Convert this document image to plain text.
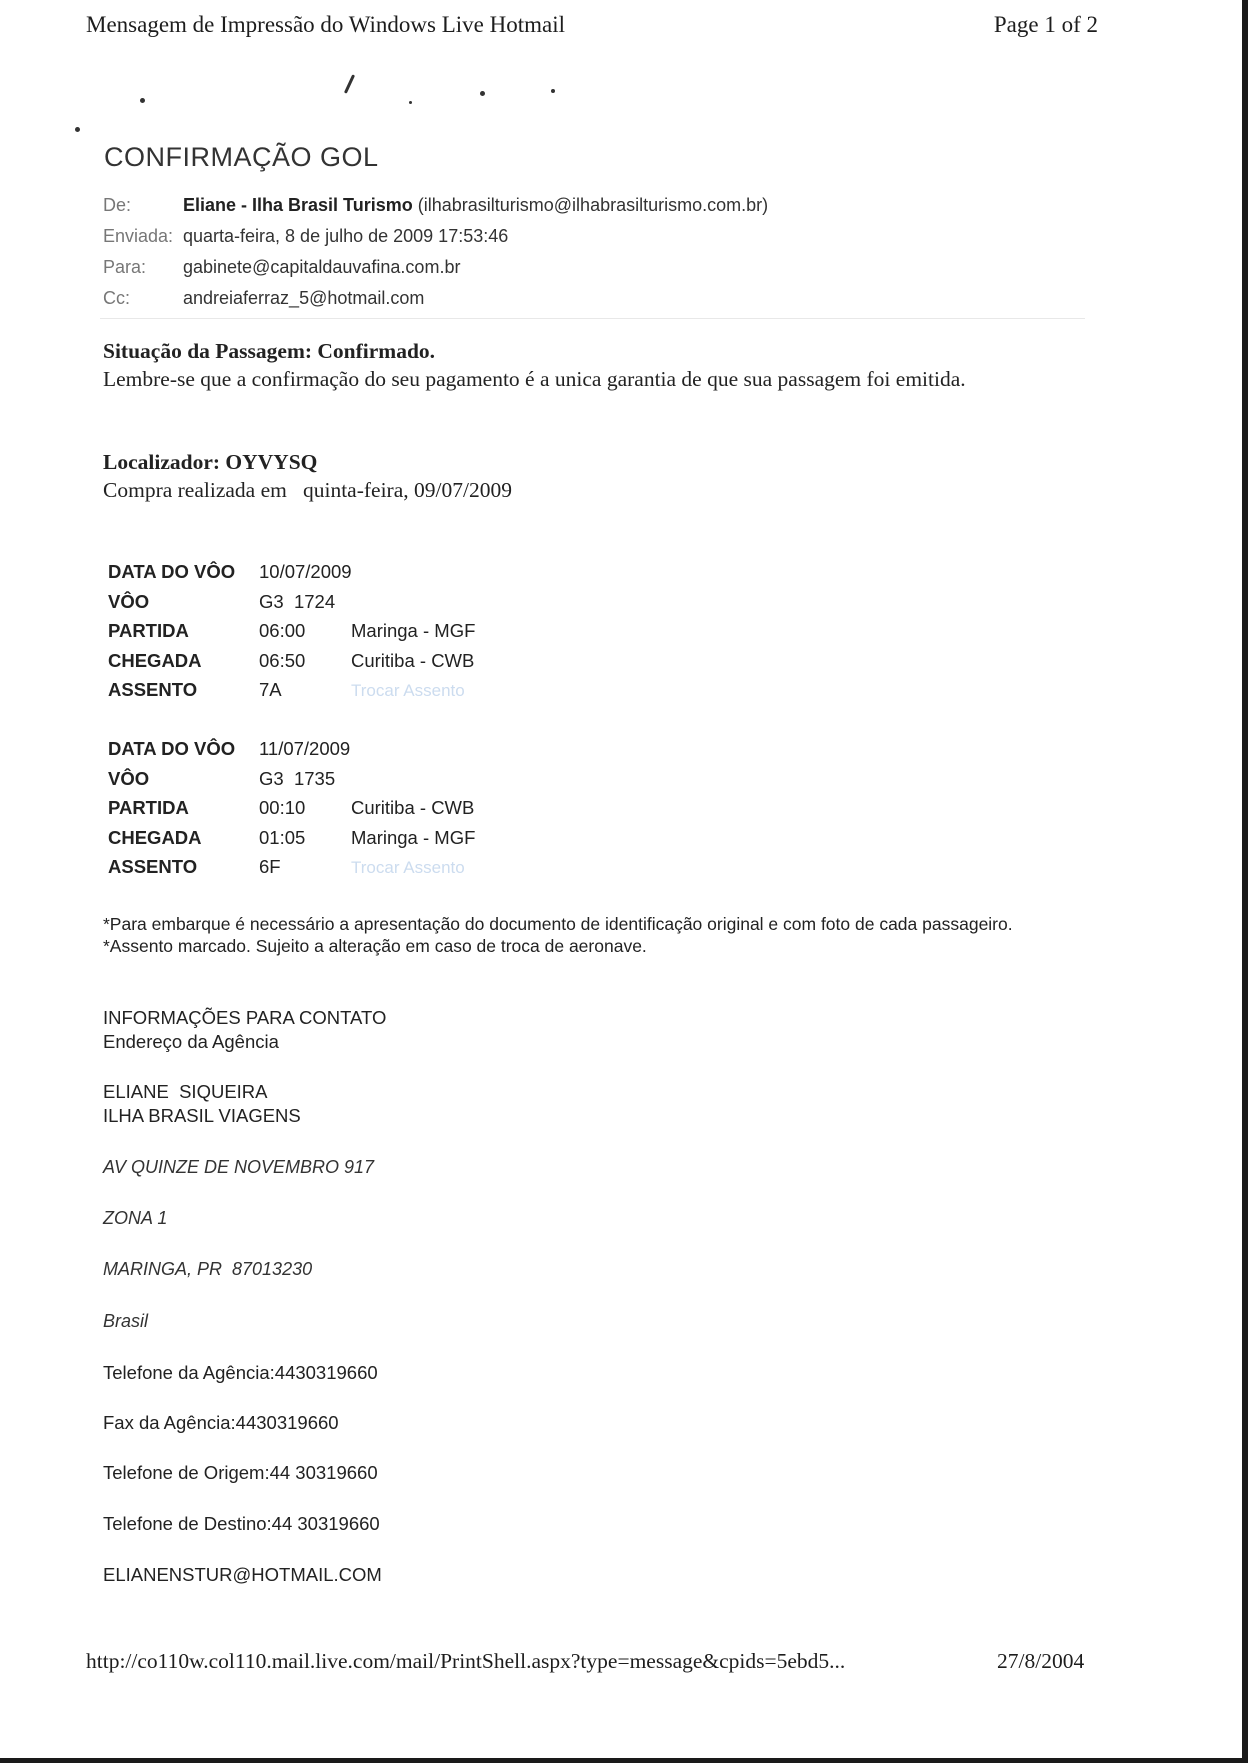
Mensagem de Impressão do Windows Live Hotmail	Page 1 of 2
CONFIRMAÇÃO GOL
De:	Eliane - Ilha Brasil Turismo (ilhabrasilturismo@ilhabrasilturismo.com.br)
Enviada: quarta-feira, 8 de julho de 2009 17:53:46
Para: gabinete@capitaldauvafina.com.br
Cc:	andreiaferraz_5@hotmail.com
Situação da Passagem: Confirmado.
Lembre-se que a confirmação do seu pagamento é a unica garantia de que sua passagem foi emitida.
Localizador: OYVYSQ
Compra realizada em   quinta-feira, 09/07/2009
DATA DO VÔO 10/07/2009
VÔO	G3  1724
PARTIDA	06:00 Maringa - MGF
CHEGADA	06:50 Curitiba - CWB
ASSENTO	7A	Trocar Assento
DATA DO VÔO 11/07/2009
VÔO	G3  1735
PARTIDA	00:10 Curitiba - CWB
CHEGADA	01:05 Maringa - MGF
ASSENTO	6F	Trocar Assento
*Para embarque é necessário a apresentação do documento de identificação original e com foto de cada passageiro.
*Assento marcado. Sujeito a alteração em caso de troca de aeronave.
INFORMAÇÕES PARA CONTATO
Endereço da Agência
ELIANE  SIQUEIRA
ILHA BRASIL VIAGENS
AV QUINZE DE NOVEMBRO 917
ZONA 1
MARINGA, PR  87013230
Brasil
Telefone da Agência:4430319660
Fax da Agência:4430319660
Telefone de Origem:44 30319660
Telefone de Destino:44 30319660
ELIANENSTUR@HOTMAIL.COM
http://co110w.col110.mail.live.com/mail/PrintShell.aspx?type=message&cpids=5ebd5...	27/8/2004
